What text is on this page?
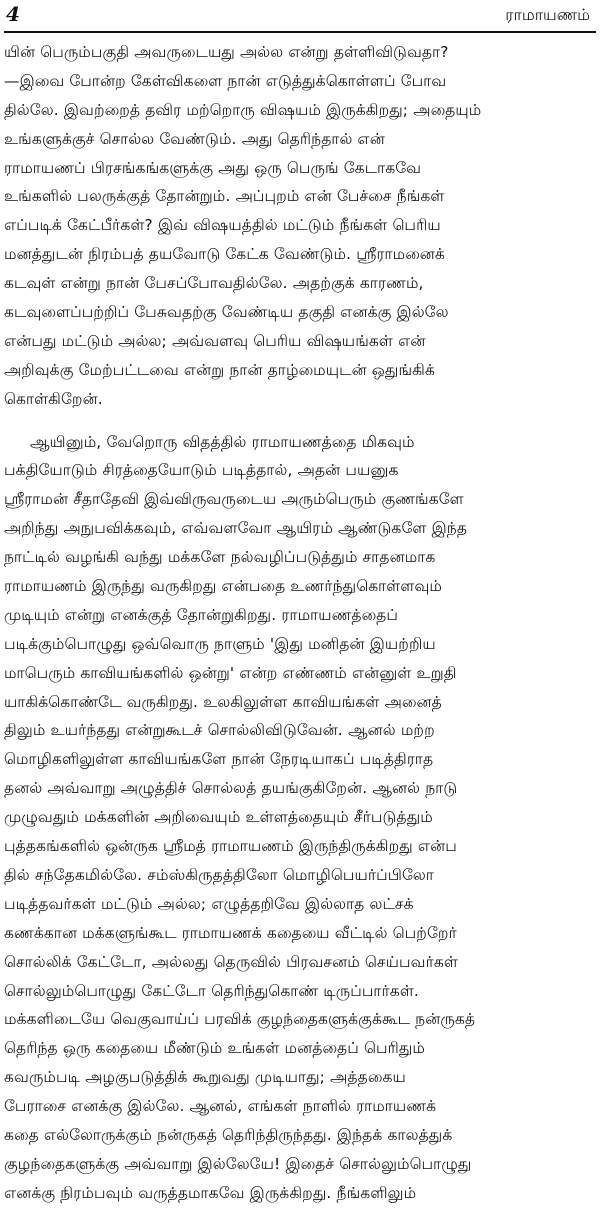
4	ராமாயணம்
யின் பெரும்பகுதி அவருடையது அல்ல என்று தள்ளிவிடுவதா?
—இவை போன்ற கேள்விகளை நான் எடுத்துக்கொள்ளப் போவ
தில்லே. இவற்றைத் தவிர மற்றொரு விஷயம் இருக்கிறது; அதையும்
உங்களுக்குச் சொல்ல வேண்டும். அது தெரிந்தால் என்
ராமாயணப் பிரசங்கங்களுக்கு அது ஒரு பெருங் கேடாகவே
உங்களில் பலருக்குத் தோன்றும். அப்புறம் என் பேச்சை நீங்கள்
எப்படிக் கேட்பீர்கள்? இவ் விஷயத்தில் மட்டும் நீங்கள் பெரிய
மனத்துடன் நிரம்பத் தயவோடு கேட்க வேண்டும். ஸ்ரீராமனைக்
கடவுள் என்று நான் பேசப்போவதில்லே. அதற்குக் காரணம்,
கடவுளைப்பற்றிப் பேசுவதற்கு வேண்டிய தகுதி எனக்கு இல்லே
என்பது மட்டும் அல்ல; அவ்வளவு பெரிய விஷயங்கள் என்
அறிவுக்கு மேற்பட்டவை என்று நான் தாழ்மையுடன் ஒதுங்கிக்
கொள்கிறேன்.
ஆயினும், வேறொரு விதத்தில் ராமாயணத்தை மிகவும்
பக்தியோடும் சிரத்தையோடும் படித்தால், அதன் பயனுக
ஸ்ரீராமன் சீதாதேவி இவ்விருவருடைய அரும்பெரும் குணங்களே
அறிந்து அநுபவிக்கவும், எவ்வளவோ ஆயிரம் ஆண்டுகளே இந்த
நாட்டில் வழங்கி வந்து மக்களே நல்வழிப்படுத்தும் சாதனமாக
ராமாயணம் இருந்து வருகிறது என்பதை உணர்ந்துகொள்ளவும்
முடியும் என்று எனக்குத் தோன்றுகிறது. ராமாயணத்தைப்
படிக்கும்பொழுது ஒவ்வொரு நாளும் 'இது மனிதன் இயற்றிய
மாபெரும் காவியங்களில் ஒன்று' என்ற எண்ணம் என்னுள் உறுதி
யாகிக்கொண்டே வருகிறது. உலகிலுள்ள காவியங்கள் அனைத்
திலும் உயர்ந்தது என்றுகூடச் சொல்லிவிடுவேன். ஆனல் மற்ற
மொழிகளிலுள்ள காவியங்களே நான் நேரடியாகப் படித்திராத
தனல் அவ்வாறு அழுத்திச் சொல்லத் தயங்குகிறேன். ஆனல் நாடு
முழுவதும் மக்களின் அறிவையும் உள்ளத்தையும் சீர்படுத்தும்
புத்தகங்களில் ஒன்ருக ஸ்ரீமத் ராமாயணம் இருந்திருக்கிறது என்ப
தில் சந்தேகமில்லே. சம்ஸ்கிருதத்திலோ மொழிபெயர்ப்பிலோ
படித்தவர்கள் மட்டும் அல்ல; எழுத்தறிவே இல்லாத லட்சக்
கணக்கான மக்களுங்கூட ராமாயணக் கதையை வீட்டில் பெற்றேர்
சொல்லிக் கேட்டோ, அல்லது தெருவில் பிரவசனம் செய்பவர்கள்
சொல்லும்பொழுது கேட்டோ தெரிந்துகொண் டிருப்பார்கள்.
மக்களிடையே வெகுவாய்ப் பரவிக் குழந்தைகளுக்குக்கூட நன்ருகத்
தெரிந்த ஒரு கதையை மீண்டும் உங்கள் மனத்தைப் பெரிதும்
கவரும்படி அழகுபடுத்திக் கூறுவது முடியாது; அத்தகைய
பேராசை எனக்கு இல்லே. ஆனல், எங்கள் நாளில் ராமாயணக்
கதை எல்லோருக்கும் நன்ருகத் தெரிந்திருந்தது. இந்தக் காலத்துக்
குழந்தைகளுக்கு அவ்வாறு இல்லேயே! இதைச் சொல்லும்பொழுது
எனக்கு நிரம்பவும் வருத்தமாகவே இருக்கிறது. நீங்களிலும்
